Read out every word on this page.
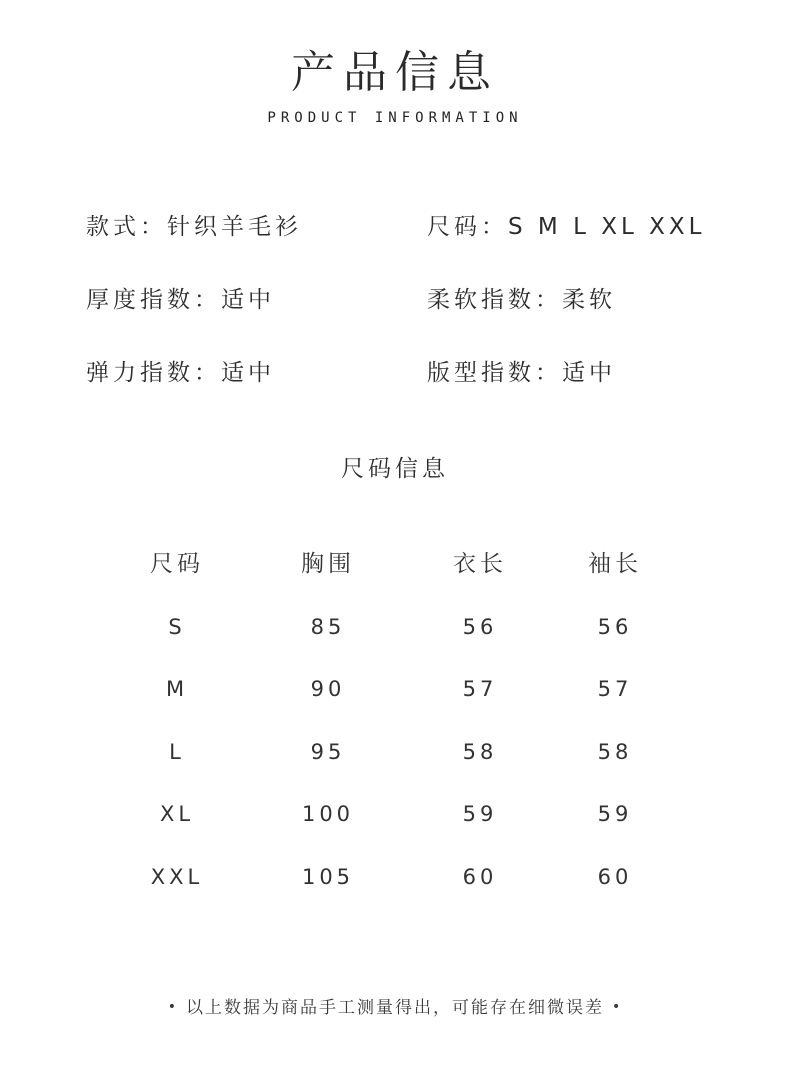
产品信息
PRODUCT INFORMATION
款式：针织羊毛衫	尺码：S M L XL XXL
厚度指数：适中	柔软指数：柔软
弹力指数：适中	版型指数：适中
尺码信息
尺码	胸围	衣长	袖长
S	85	56	56
M	90	57	57
L	95	58	58
XL	100	59	59
XXL	105	60	60
• 以上数据为商品手工测量得出，可能存在细微误差 •
